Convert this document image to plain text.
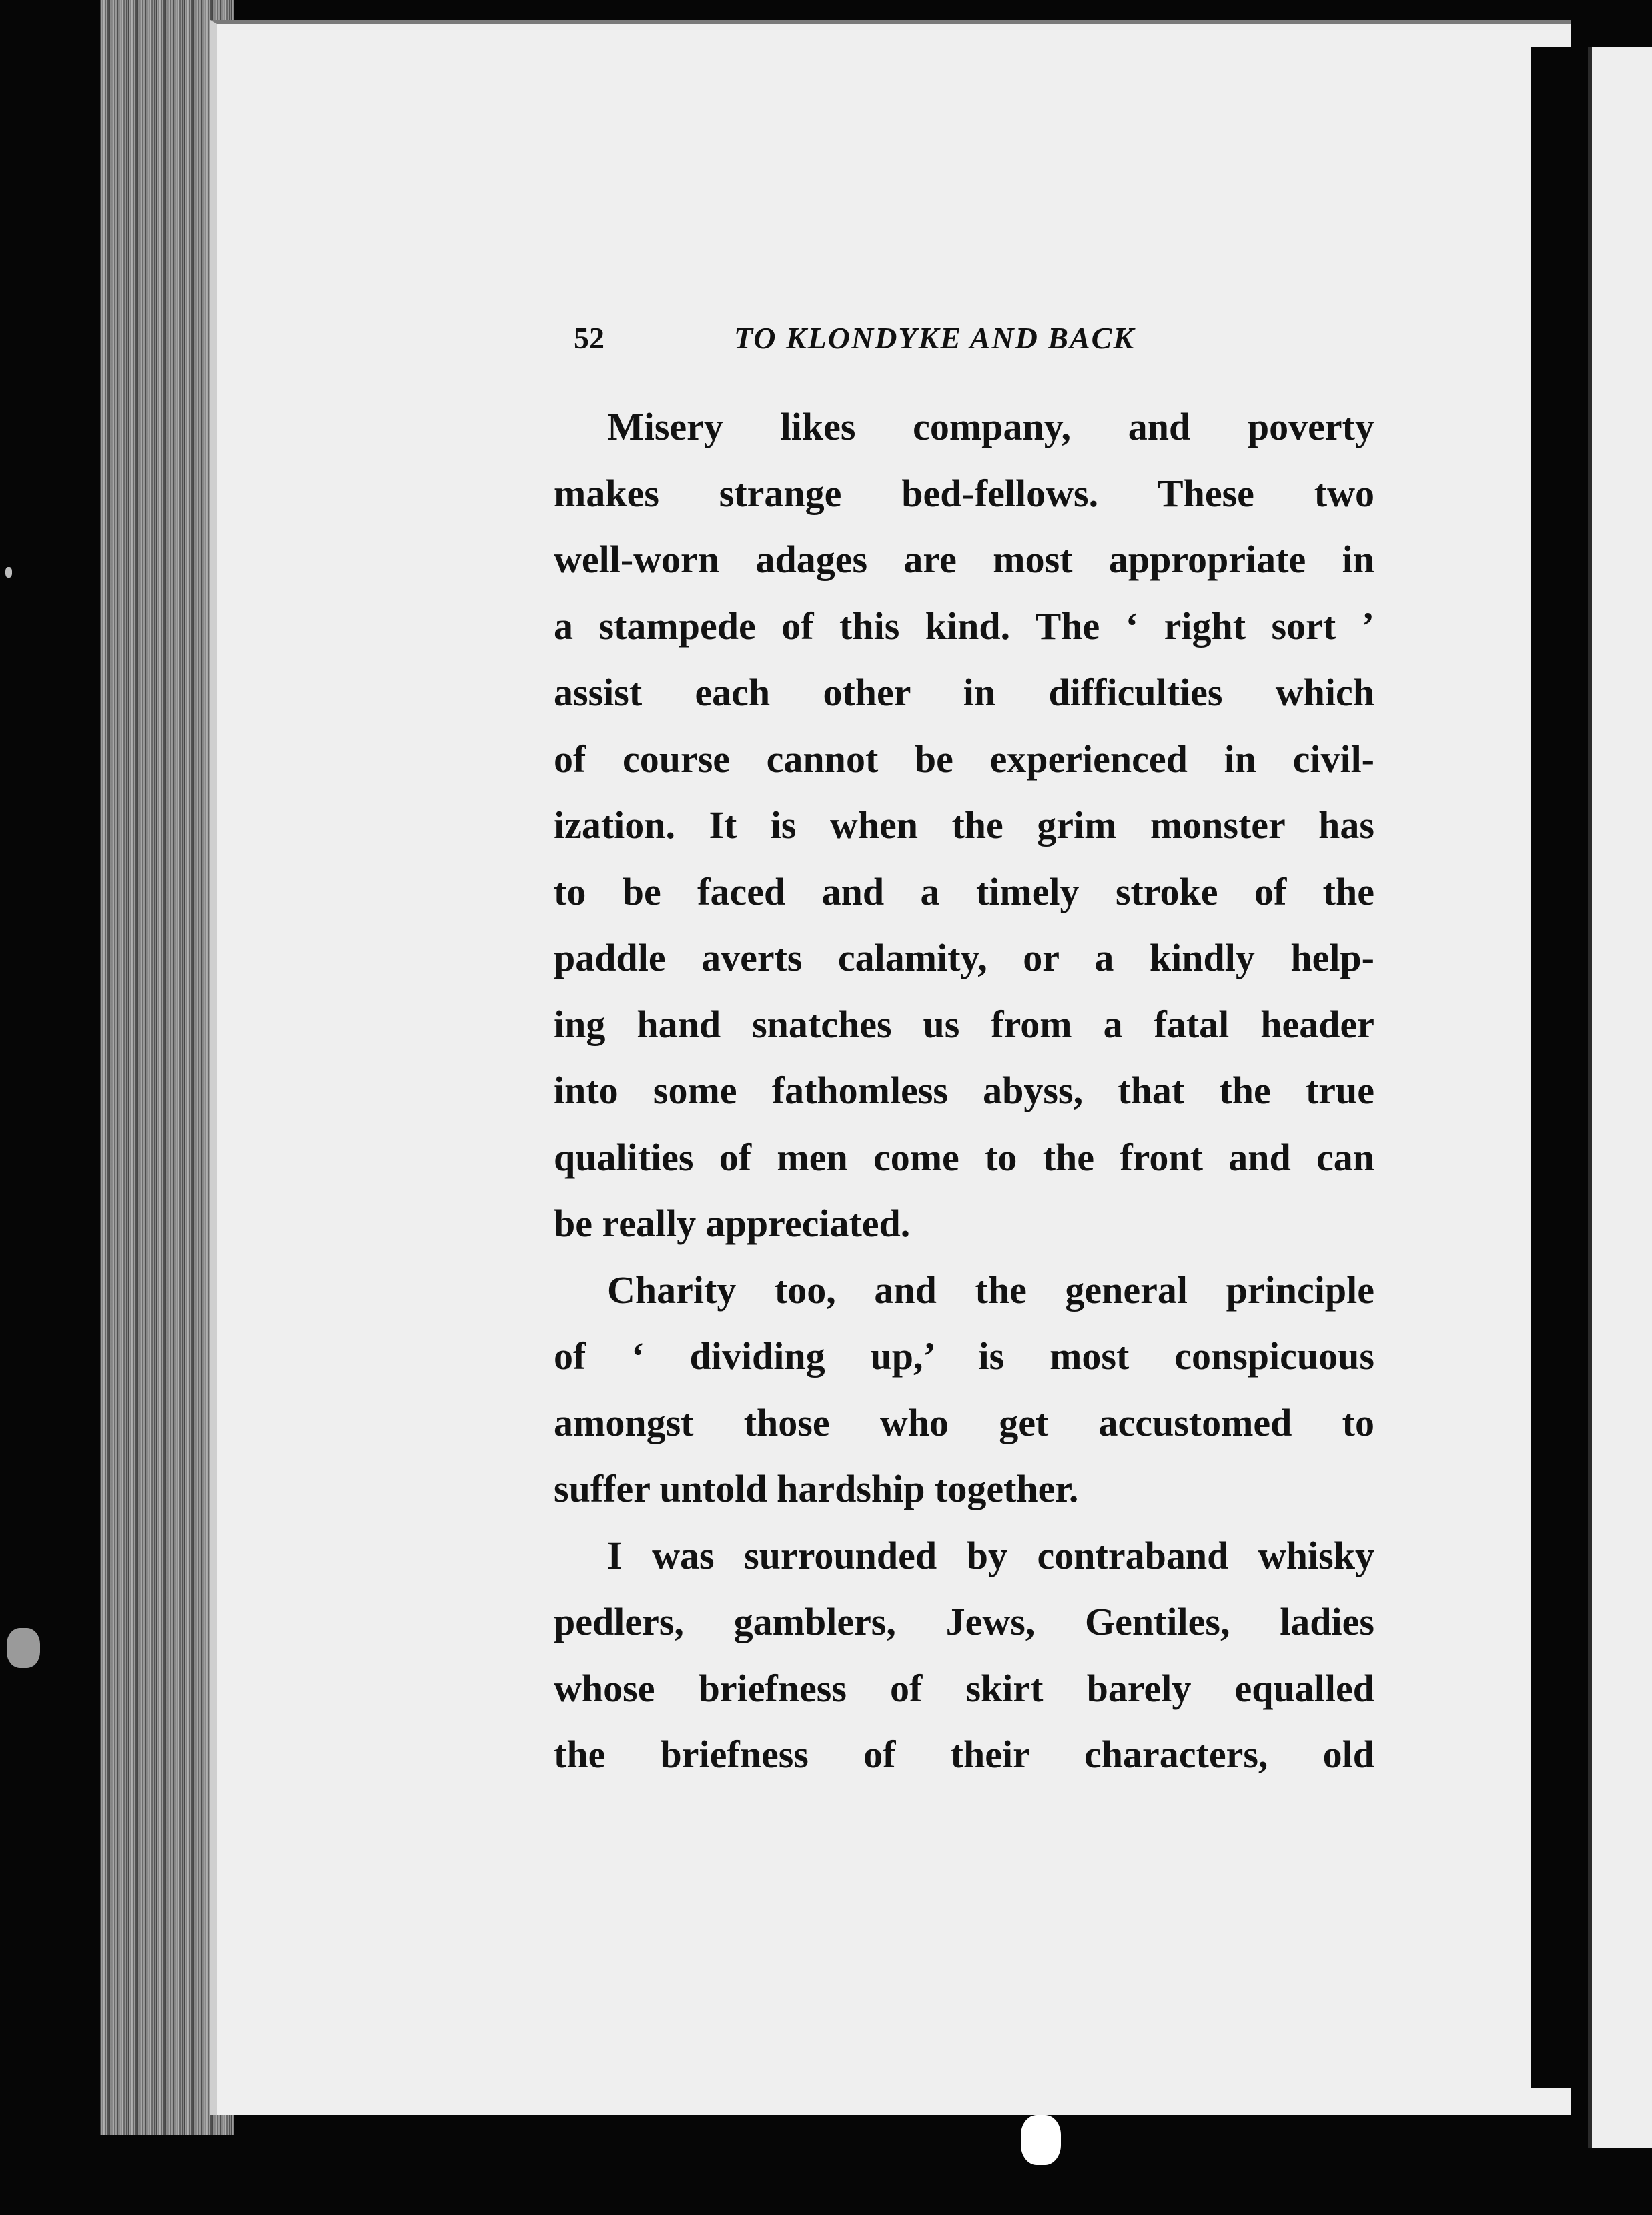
52	TO KLONDYKE AND BACK
Misery likes company, and poverty
makes strange bed-fellows. These two
well-worn adages are most appropriate in
a stampede of this kind. The ‘ right sort ’
assist each other in difficulties which
of course cannot be experienced in civil-
ization. It is when the grim monster has
to be faced and a timely stroke of the
paddle averts calamity, or a kindly help-
ing hand snatches us from a fatal header
into some fathomless abyss, that the true
qualities of men come to the front and can
be really appreciated.
Charity too, and the general principle
of ‘ dividing up,’ is most conspicuous
amongst those who get accustomed to
suffer untold hardship together.
I was surrounded by contraband whisky
pedlers, gamblers, Jews, Gentiles, ladies
whose briefness of skirt barely equalled
the briefness of their characters, old
